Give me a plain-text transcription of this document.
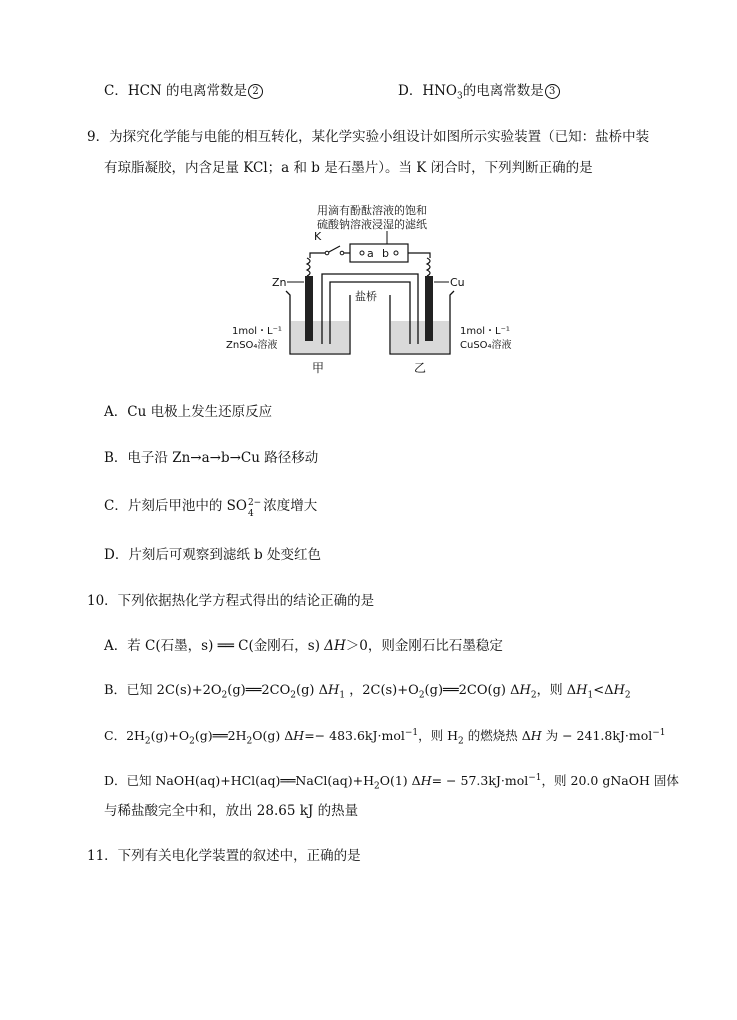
C．HCN 的电离常数是 2	D．$HNO_3$的电离常数是 3
9．为探究化学能与电能的相互转化，某化学实验小组设计如图所示实验装置（已知：盐桥中装
有琼脂凝胶，内含足量 KCl；a 和 b 是石墨片）。当 K 闭合时，下列判断正确的是
用滴有酚酞溶液的饱和
硫酸钠溶液浸湿的滤纸
a b
K
Zn	Cu
盐桥
1mol・L⁻¹
ZnSO₄溶液
1mol・L⁻¹
CuSO₄溶液
甲	乙
A．Cu 电极上发生还原反应
B．电子沿 Zn→a→b→Cu 路径移动
C．片刻后甲池中的 SO 2−
4 浓度增大
D．片刻后可观察到滤纸 b 处变红色
10．下列依据热化学方程式得出的结论正确的是
A．若 C(石墨，s) ══ C(金刚石，s) ΔH＞0，则金刚石比石墨稳定
B．已知 $2C(s)+2O_2(g)══2CO_2(g)$ $\Delta H_1$ ，$2C(s)+O_2(g)══2CO(g)$ $\Delta H_2$，则 $\Delta H_1<\Delta H_2$
C．$2H_2(g)+O_2(g)══2H_2O(g)$ ΔH=− 483.6kJ·mol$^{-1}$，则 $H_2$ 的燃烧热 ΔH 为 − 241.8kJ·mol$^{-1}$
D．已知 $NaOH(aq)+HCl(aq)══NaCl(aq)+H_2O(1) \Delta H= - 57.3kJ\cdot mol^{-1}$，则 20.0 gNaOH 固体
与稀盐酸完全中和，放出 28.65 kJ 的热量
11．下列有关电化学装置的叙述中，正确的是
